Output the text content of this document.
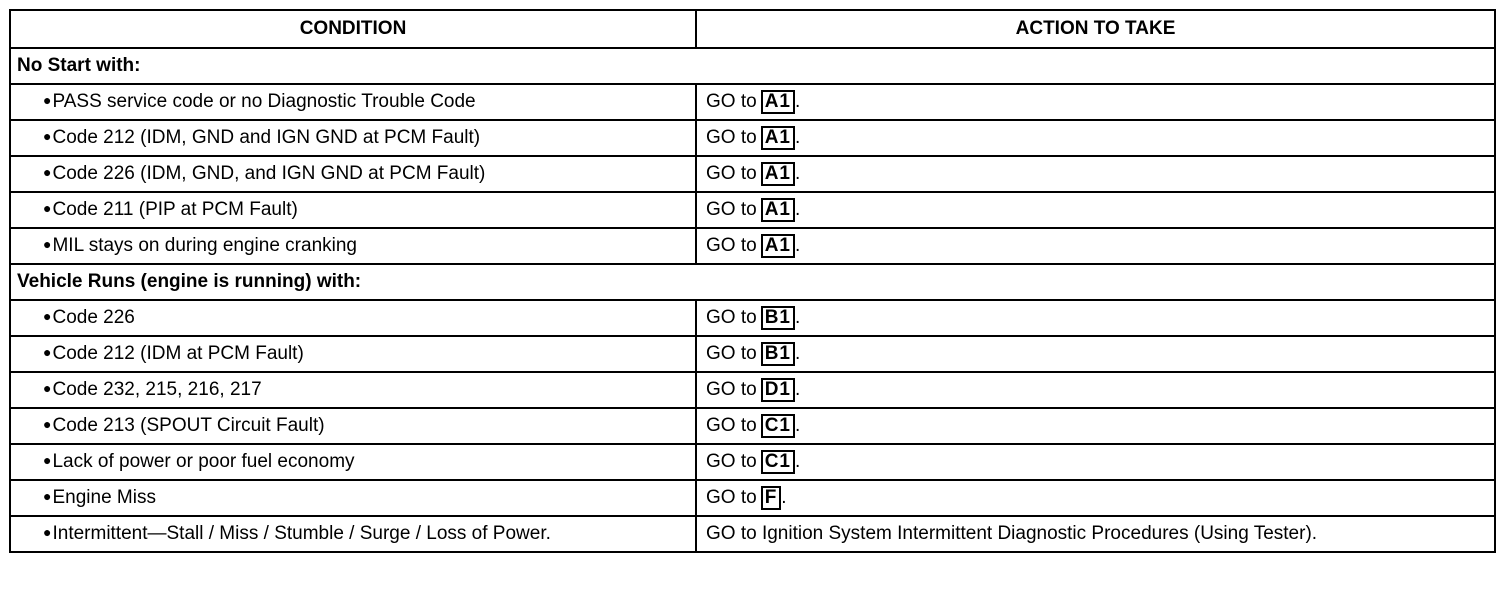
CONDITION	ACTION TO TAKE
No Start with:	
●PASS service code or no Diagnostic Trouble Code	GO to A1 .
●Code 212 (IDM, GND and IGN GND at PCM Fault)	GO to A1 .
●Code 226 (IDM, GND, and IGN GND at PCM Fault)	GO to A1 .
●Code 211 (PIP at PCM Fault)	GO to A1 .
●MIL stays on during engine cranking	GO to A1 .
Vehicle Runs (engine is running) with:	
●Code 226	GO to B1 .
●Code 212 (IDM at PCM Fault)	GO to B1 .
●Code 232, 215, 216, 217	GO to D1 .
●Code 213 (SPOUT Circuit Fault)	GO to C1 .
●Lack of power or poor fuel economy	GO to C1 .
●Engine Miss	GO to F .
●Intermittent—Stall / Miss / Stumble / Surge / Loss of Power.	GO to Ignition System Intermittent Diagnostic Procedures (Using Tester).
